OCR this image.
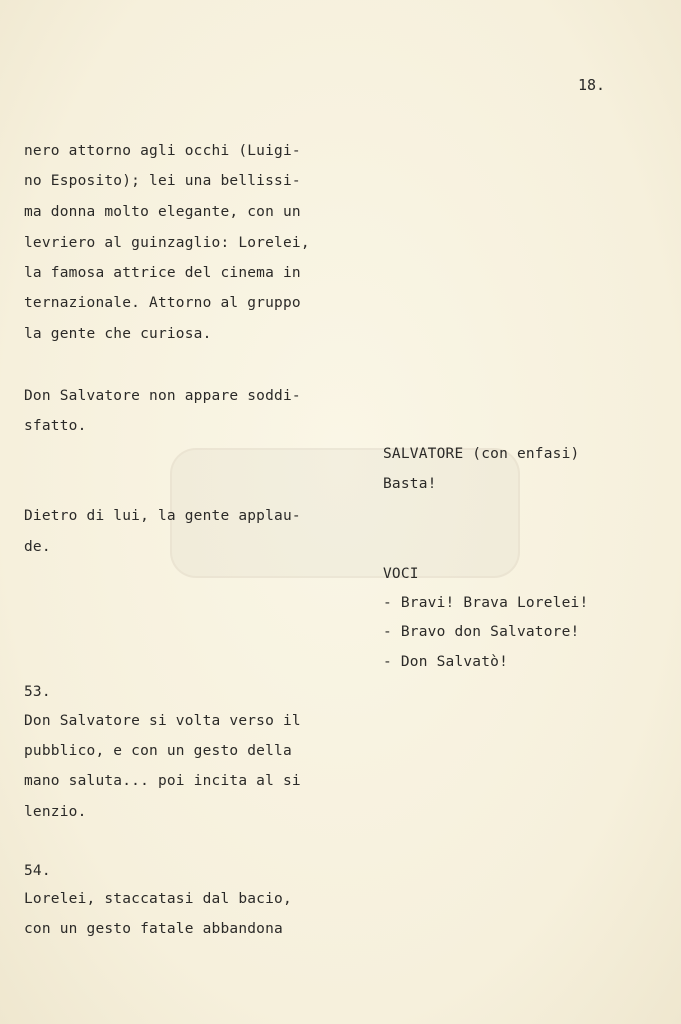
18.
nero attorno agli occhi (Luigi-
no Esposito); lei una bellissi-
ma donna molto elegante, con un
levriero al guinzaglio: Lorelei,
la famosa attrice del cinema in
ternazionale. Attorno al gruppo
la gente che curiosa.
Don Salvatore non appare soddi-
sfatto.
Dietro di lui, la gente applau-
de.
53.
Don Salvatore si volta verso il
pubblico, e con un gesto della
mano saluta... poi incita al si
lenzio.
54.
Lorelei, staccatasi dal bacio,
con un gesto fatale abbandona
SALVATORE (con enfasi)
Basta!
VOCI
- Bravi! Brava Lorelei!
- Bravo don Salvatore!
- Don Salvatò!
